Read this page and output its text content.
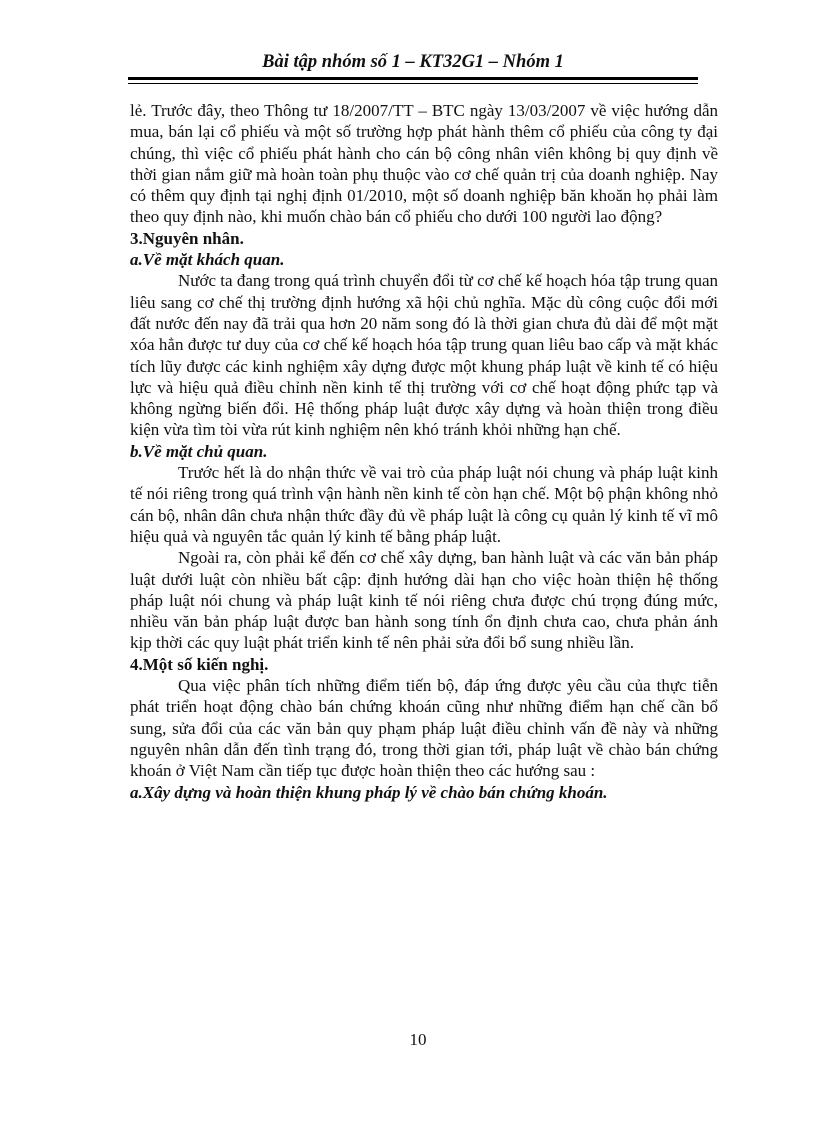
Bài tập nhóm số 1 – KT32G1 – Nhóm 1

lẻ. Trước đây, theo Thông tư 18/2007/TT – BTC ngày 13/03/2007 về việc hướng dẫn mua, bán lại cổ phiếu và một số trường hợp phát hành thêm cổ phiếu của công ty đại chúng, thì việc cổ phiếu phát hành cho cán bộ công nhân viên không bị quy định về thời gian nắm giữ mà hoàn toàn phụ thuộc vào cơ chế quản trị của doanh nghiệp. Nay có thêm quy định tại nghị định 01/2010, một số doanh nghiệp băn khoăn họ phải làm theo quy định nào, khi muốn chào bán cổ phiếu cho dưới 100 người lao động?

3.Nguyên nhân.

a.Về mặt khách quan.

Nước ta đang trong quá trình chuyển đổi từ cơ chế kế hoạch hóa tập trung quan liêu sang cơ chế thị trường định hướng xã hội chủ nghĩa. Mặc dù công cuộc đổi mới đất nước đến nay đã trải qua hơn 20 năm song đó là thời gian chưa đủ dài để một mặt xóa hẳn được tư duy của cơ chế kế hoạch hóa tập trung quan liêu bao cấp và mặt khác tích lũy được các kinh nghiệm xây dựng được một khung pháp luật về kinh tế có hiệu lực và hiệu quả điều chỉnh nền kinh tế thị trường với cơ chế hoạt động phức tạp và không ngừng biến đổi. Hệ thống pháp luật được xây dựng và hoàn thiện trong điều kiện vừa tìm tòi vừa rút kinh nghiệm nên khó tránh khỏi những hạn chế.

b.Về mặt chủ quan.

Trước hết là do nhận thức về vai trò của pháp luật nói chung và pháp luật kinh tế nói riêng trong quá trình vận hành nền kinh tế còn hạn chế. Một bộ phận không nhỏ cán bộ, nhân dân chưa nhận thức đầy đủ về pháp luật là công cụ quản lý kinh tế vĩ mô hiệu quả và nguyên tắc quản lý kinh tế bằng pháp luật.

Ngoài ra, còn phải kể đến cơ chế xây dựng, ban hành luật và các văn bản pháp luật dưới luật còn nhiều bất cập: định hướng dài hạn cho việc hoàn thiện hệ thống pháp luật nói chung và pháp luật kinh tế nói riêng chưa được chú trọng đúng mức, nhiều văn bản pháp luật được ban hành song tính ổn định chưa cao, chưa phản ánh kịp thời các quy luật phát triển kinh tế nên phải sửa đổi bổ sung nhiều lần.

4.Một số kiến nghị.

Qua việc phân tích những điểm tiến bộ, đáp ứng được yêu cầu của thực tiễn phát triển hoạt động chào bán chứng khoán cũng như những điểm hạn chế cần bổ sung, sửa đổi của các văn bản quy phạm pháp luật điều chỉnh vấn đề này và những nguyên nhân dẫn đến tình trạng đó, trong thời gian tới, pháp luật về chào bán chứng khoán ở Việt Nam cần tiếp tục được hoàn thiện theo các hướng sau :

a.Xây dựng và hoàn thiện khung pháp lý về chào bán chứng khoán.

10
